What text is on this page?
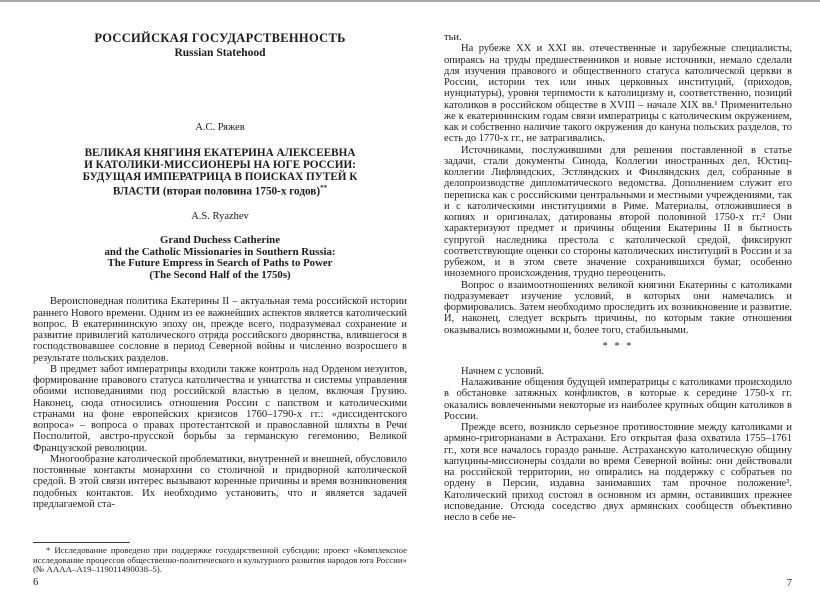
РОССИЙСКАЯ ГОСУДАРСТВЕННОСТЬ
Russian Statehood
А.С. Ряжев
ВЕЛИКАЯ КНЯГИНЯ ЕКАТЕРИНА АЛЕКСЕЕВНА
И КАТОЛИКИ-МИССИОНЕРЫ НА ЮГЕ РОССИИ:
БУДУЩАЯ ИМПЕРАТРИЦА В ПОИСКАХ ПУТЕЙ К
ВЛАСТИ (вторая половина 1750-х годов)**
A.S. Ryazhev
Grand Duchess Catherine
and the Catholic Missionaries in Southern Russia:
The Future Empress in Search of Paths to Power
(The Second Half of the 1750s)

Вероисповедная политика Екатерины II – актуальная тема российской истории раннего Нового времени. Одним из ее важнейших аспектов является католический вопрос. В екатерининскую эпоху он, прежде всего, подразумевал сохранение и развитие привилегий католического отряда российского дворянства, влившегося в господствовавшее сословие в период Северной войны и численно возросшего в результате польских разделов.

В предмет забот императрицы входили также контроль над Орденом иезуитов, формирование правового статуса католичества и униатства и системы управления обоими исповеданиями под российской властью в целом, включая Грузию. Наконец, сюда относились отношения России с папством и католическими странами на фоне европейских кризисов 1760–1790-х гг.: «диссидентского вопроса» – вопроса о правах протестантской и православной шляхты в Речи Посполитой, австро-прусской борьбы за германскую гегемонию, Великой Французской революции.

Многообразие католической проблематики, внутренней и внешней, обусловило постоянные контакты монархини со столичной и придворной католической средой. В этой связи интерес вызывают коренные причины и время возникновения подобных контактов. Их необходимо установить, что и является задачей предлагаемой ста-

* Исследование проведено при поддержке государственной субсидии; проект «Комплексное исследование процессов общественно-политического и культурного развития народов юга России» (№ АААА–А19–119011490038–5).
6

тьи.

На рубеже XX и XXI вв. отечественные и зарубежные специалисты, опираясь на труды предшественников и новые источники, немало сделали для изучения правового и общественного статуса католической церкви в России, истории тех или иных церковных институций, (приходов, нунциатуры), уровня терпимости к католицизму и, соответственно, позиций католиков в российском обществе в XVIII – начале XIX вв.¹ Применительно же к екатерининским годам связи императрицы с католическим окружением, как и собственно наличие такого окружения до кануна польских разделов, то есть до 1770-х гг., не затрагивались.

Источниками, послужившими для решения поставленной в статье задачи, стали документы Синода, Коллегии иностранных дел, Юстиц-коллегии Лифляндских, Эстляндских и Финляндских дел, собранные в делопроизводстве дипломатического ведомства. Дополнением служит его переписка как с российскими центральными и местными учреждениями, так и с католическими институциями в Риме. Материалы, отложившиеся в копиях и оригиналах, датированы второй половиной 1750-х гг.² Они характеризуют предмет и причины общения Екатерины II в бытность супругой наследника престола с католической средой, фиксируют соответствующие оценки со стороны католических институций в России и за рубежом, и в этом свете значение сохранившихся бумаг, особенно иноземного происхождения, трудно переоценить.

Вопрос о взаимоотношениях великой княгини Екатерины с католиками подразумевает изучение условий, в которых они намечались и формировались. Затем необходимо проследить их возникновение и развитие. И, наконец, следует вскрыть причины, по которым такие отношения оказывались возможными и, более того, стабильными.

* * *

Начнем с условий.

Налаживание общения будущей императрицы с католиками происходило в обстановке затяжных конфликтов, в которые к середине 1750-х гг. оказались вовлеченными некоторые из наиболее крупных общин католиков в России.

Прежде всего, возникло серьезное противостояние между католиками и армяно-григорианами в Астрахани. Его открытая фаза охватила 1755–1761 гг., хотя все началось гораздо раньше. Астраханскую католическую общину капуцины-миссионеры создали во время Северной войны: они действовали на российской территории, но опирались на поддержку с собратьев по ордену в Персии, издавна занимавших там прочное положение³. Католический приход состоял в основном из армян, оставивших прежнее исповедание. Отсюда соседство двух армянских сообществ объективно несло в себе не-

7
